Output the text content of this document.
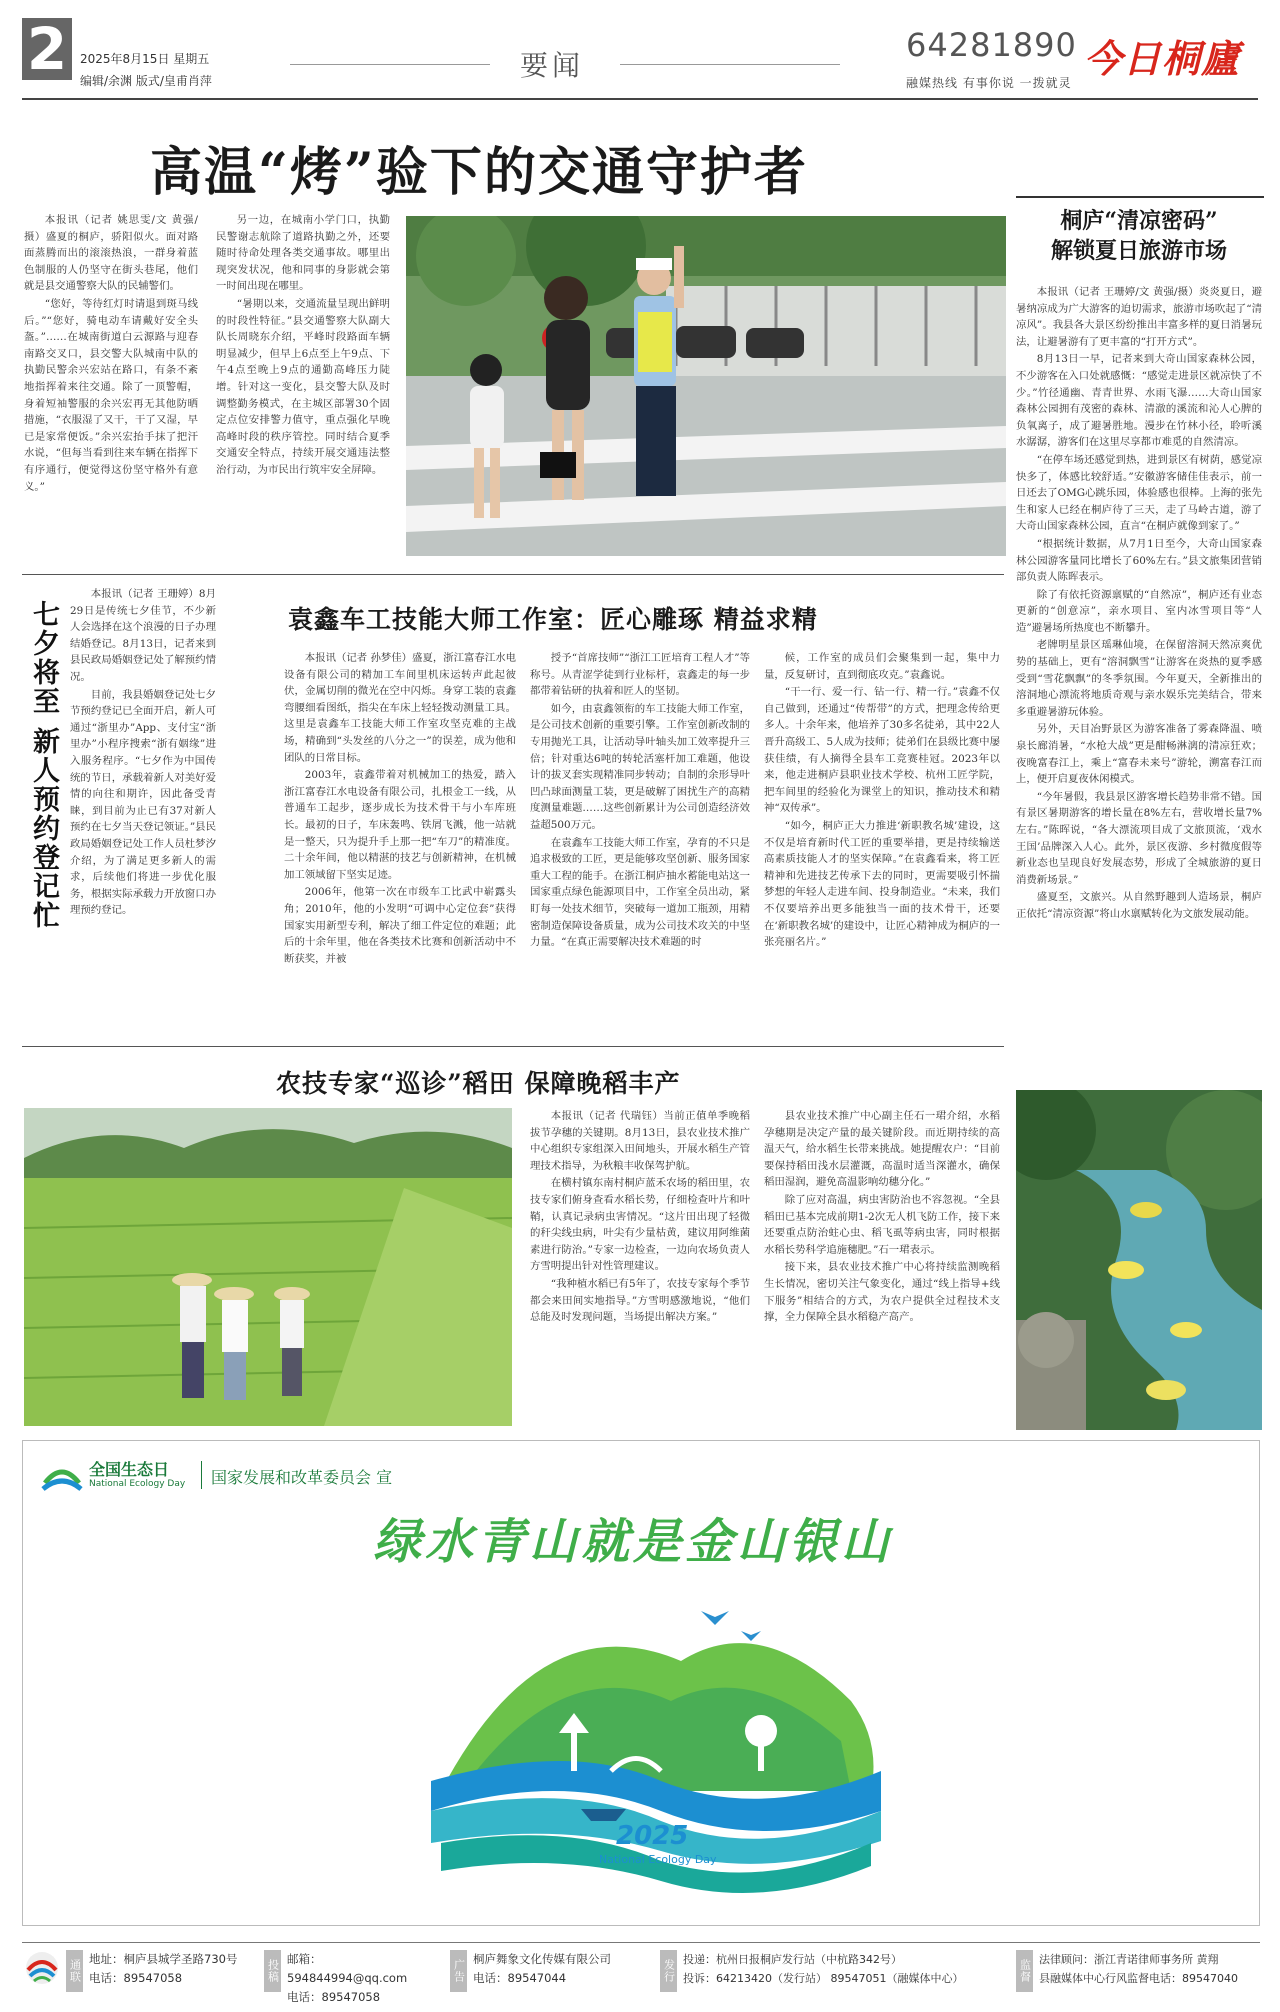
2	2025年8月15日 星期五
编辑/余渊 版式/皇甫肖萍	要闻
64281890
融媒热线 有事你说 一拨就灵
今日桐廬
高温“烤”验下的交通守护者

本报讯（记者 姚思雯/文 黄强/摄）盛夏的桐庐，骄阳似火。面对路面蒸腾而出的滚滚热浪，一群身着蓝色制服的人仍坚守在街头巷尾，他们就是县交通警察大队的民辅警们。

“您好，等待红灯时请退到斑马线后。”“您好，骑电动车请戴好安全头盔。”……在城南街道白云源路与迎春南路交叉口，县交警大队城南中队的执勤民警余兴宏站在路口，有条不紊地指挥着来往交通。除了一顶警帽，身着短袖警服的余兴宏再无其他防晒措施，“衣服湿了又干，干了又湿，早已是家常便饭。”余兴宏抬手抹了把汗水说，“但每当看到往来车辆在指挥下有序通行，便觉得这份坚守格外有意义。”

另一边，在城南小学门口，执勤民警谢志航除了道路执勤之外，还要随时待命处理各类交通事故。哪里出现突发状况，他和同事的身影就会第一时间出现在哪里。

“暑期以来，交通流量呈现出鲜明的时段性特征。”县交通警察大队副大队长周晓东介绍，平峰时段路面车辆明显减少，但早上6点至上午9点、下午4点至晚上9点的通勤高峰压力陡增。针对这一变化，县交警大队及时调整勤务模式，在主城区部署30个固定点位安排警力值守，重点强化早晚高峰时段的秩序管控。同时结合夏季交通安全特点，持续开展交通违法整治行动，为市民出行筑牢安全屏障。

桐庐“清凉密码”
解锁夏日旅游市场

本报讯（记者 王珊婷/文 黄强/摄）炎炎夏日，避暑纳凉成为广大游客的迫切需求，旅游市场吹起了“清凉风”。我县各大景区纷纷推出丰富多样的夏日消暑玩法，让避暑游有了更丰富的“打开方式”。

8月13日一早，记者来到大奇山国家森林公园，不少游客在入口处就感慨：“感觉走进景区就凉快了不少。”竹径通幽、青青世界、水雨飞瀑……大奇山国家森林公园拥有茂密的森林、清澈的溪流和沁人心脾的负氧离子，成了避暑胜地。漫步在竹林小径，聆听溪水潺潺，游客们在这里尽享都市难觅的自然清凉。

“在停车场还感觉到热，进到景区有树荫，感觉凉快多了，体感比较舒适。”安徽游客储佳佳表示，前一日还去了OMG心跳乐园，体验感也很棒。上海的张先生和家人已经在桐庐待了三天，走了马岭古道，游了大奇山国家森林公园，直言“在桐庐就像到家了。”

“根据统计数据，从7月1日至今，大奇山国家森林公园游客量同比增长了60%左右。”县文旅集团营销部负责人陈晖表示。

除了有依托资源禀赋的“自然凉”，桐庐还有业态更新的“创意凉”，亲水项目、室内冰雪项目等“人造”避暑场所热度也不断攀升。

老牌明星景区瑶琳仙境，在保留溶洞天然凉爽优势的基础上，更有“溶洞飘雪”让游客在炎热的夏季感受到“雪花飘飘”的冬季氛围。今年夏天，全新推出的溶洞地心漂流将地质奇观与亲水娱乐完美结合，带来多重避暑游玩体验。

另外，天目冶野景区为游客准备了雾森降温、喷泉长廊消暑，“水枪大战”更是酣畅淋漓的清凉狂欢；夜晚富春江上，乘上“富春未来号”游轮，溯富春江而上，便开启夏夜休闲模式。

“今年暑假，我县景区游客增长趋势非常不错。国有景区暑期游客的增长量在8%左右，营收增长量7%左右。”陈晖说，“各大漂流项目成了文旅顶流，‘戏水王国’品牌深入人心。此外，景区夜游、乡村微度假等新业态也呈现良好发展态势，形成了全城旅游的夏日消费新场景。”

盛夏至，文旅兴。从自然野趣到人造场景，桐庐正依托“清凉资源”将山水禀赋转化为文旅发展动能。

七夕将至 新人预约登记忙

本报讯（记者 王珊婷）8月29日是传统七夕佳节，不少新人会选择在这个浪漫的日子办理结婚登记。8月13日，记者来到县民政局婚姻登记处了解预约情况。

目前，我县婚姻登记处七夕节预约登记已全面开启，新人可通过“浙里办”App、支付宝“浙里办”小程序搜索“浙有姻缘”进入服务程序。“七夕作为中国传统的节日，承载着新人对美好爱情的向往和期许，因此备受青睐，到目前为止已有37对新人预约在七夕当天登记领证。”县民政局婚姻登记处工作人员杜梦汐介绍，为了满足更多新人的需求，后续他们将进一步优化服务，根据实际承载力开放窗口办理预约登记。

袁鑫车工技能大师工作室：匠心雕琢 精益求精

本报讯（记者 孙梦佳）盛夏，浙江富春江水电设备有限公司的精加工车间里机床运转声此起彼伏，金属切削的微光在空中闪烁。身穿工装的袁鑫弯腰细看图纸，指尖在车床上轻轻拨动测量工具。这里是袁鑫车工技能大师工作室攻坚克难的主战场，精确到“头发丝的八分之一”的误差，成为他和团队的日常目标。

2003年，袁鑫带着对机械加工的热爱，踏入浙江富春江水电设备有限公司，扎根金工一线，从普通车工起步，逐步成长为技术骨干与小车库班长。最初的日子，车床轰鸣、铁屑飞溅，他一站就是一整天，只为提升手上那一把“车刀”的精准度。二十余年间，他以精湛的技艺与创新精神，在机械加工领域留下坚实足迹。

2006年，他第一次在市级车工比武中崭露头角；2010年，他的小发明“可调中心定位套”获得国家实用新型专利，解决了细工件定位的难题；此后的十余年里，他在各类技术比赛和创新活动中不断获奖，并被

授予“首席技师”“浙江工匠培育工程人才”等称号。从青涩学徒到行业标杆，袁鑫走的每一步都带着钻研的执着和匠人的坚韧。

如今，由袁鑫领衔的车工技能大师工作室，是公司技术创新的重要引擎。工作室创新改制的专用抛光工具，让活动导叶轴头加工效率提升三倍；针对重达6吨的转轮活塞杆加工难题，他设计的拔叉套实现精准同步转动；自制的余形导叶凹凸球面测量工装，更是破解了困扰生产的高精度测量难题……这些创新累计为公司创造经济效益超500万元。

在袁鑫车工技能大师工作室，孕育的不只是追求极致的工匠，更是能够攻坚创新、服务国家重大工程的能手。在浙江桐庐抽水蓄能电站这一国家重点绿色能源项目中，工作室全员出动，紧盯每一处技术细节，突破每一道加工瓶颈，用精密制造保障设备质量，成为公司技术攻关的中坚力量。“在真正需要解决技术难题的时

候，工作室的成员们会聚集到一起，集中力量，反复研讨，直到彻底攻克。”袁鑫说。

“干一行、爱一行、钻一行、精一行。”袁鑫不仅自己做到，还通过“传帮带”的方式，把理念传给更多人。十余年来，他培养了30多名徒弟，其中22人晋升高级工、5人成为技师；徒弟们在县级比赛中屡获佳绩，有人摘得全县车工竞赛桂冠。2023年以来，他走进桐庐县职业技术学校、杭州工匠学院，把车间里的经验化为课堂上的知识，推动技术和精神“双传承”。

“如今，桐庐正大力推进‘新职教名城’建设，这不仅是培育新时代工匠的重要举措，更是持续输送高素质技能人才的坚实保障。”在袁鑫看来，将工匠精神和先进技艺传承下去的同时，更需要吸引怀揣梦想的年轻人走进车间、投身制造业。“未来，我们不仅要培养出更多能独当一面的技术骨干，还要在‘新职教名城’的建设中，让匠心精神成为桐庐的一张亮丽名片。”

农技专家“巡诊”稻田 保障晚稻丰产

本报讯（记者 代瑞钰）当前正值单季晚稻拔节孕穗的关键期。8月13日，县农业技术推广中心组织专家组深入田间地头，开展水稻生产管理技术指导，为秋粮丰收保驾护航。

在横村镇东南村桐庐蓝禾农场的稻田里，农技专家们俯身查看水稻长势，仔细检查叶片和叶鞘，认真记录病虫害情况。“这片田出现了轻微的秆尖线虫病，叶尖有少量枯黄，建议用阿维菌素进行防治。”专家一边检查，一边向农场负责人方雪明提出针对性管理建议。

“我种植水稻已有5年了，农技专家每个季节都会来田间实地指导。”方雪明感激地说，“他们总能及时发现问题，当场提出解决方案。”

县农业技术推广中心副主任石一珺介绍，水稻孕穗期是决定产量的最关键阶段。而近期持续的高温天气，给水稻生长带来挑战。她提醒农户：“目前要保持稻田浅水层灌溉，高温时适当深灌水，确保稻田湿润，避免高温影响幼穗分化。”

除了应对高温，病虫害防治也不容忽视。“全县稻田已基本完成前期1-2次无人机飞防工作，接下来还要重点防治蛀心虫、稻飞虱等病虫害，同时根据水稻长势科学追施穗肥。”石一珺表示。

接下来，县农业技术推广中心将持续监测晚稻生长情况，密切关注气象变化，通过“线上指导+线下服务”相结合的方式，为农户提供全过程技术支撑，全力保障全县水稻稳产高产。

全国生态日
National Ecology Day 国家发展和改革委员会 宣
绿水青山就是金山银山
2025
National Ecology Day
通联 地址：桐庐县城学圣路730号
电话：89547058	投稿 邮箱：594844994@qq.com
电话：89547058
广告 桐庐舞象文化传媒有限公司
电话：89547044	发行 投递：杭州日报桐庐发行站（中杭路342号）
投诉：64213420（发行站） 89547051（融媒体中心）	监督 法律顾问：浙江青诺律师事务所 黄翔
县融媒体中心行风监督电话：89547040
